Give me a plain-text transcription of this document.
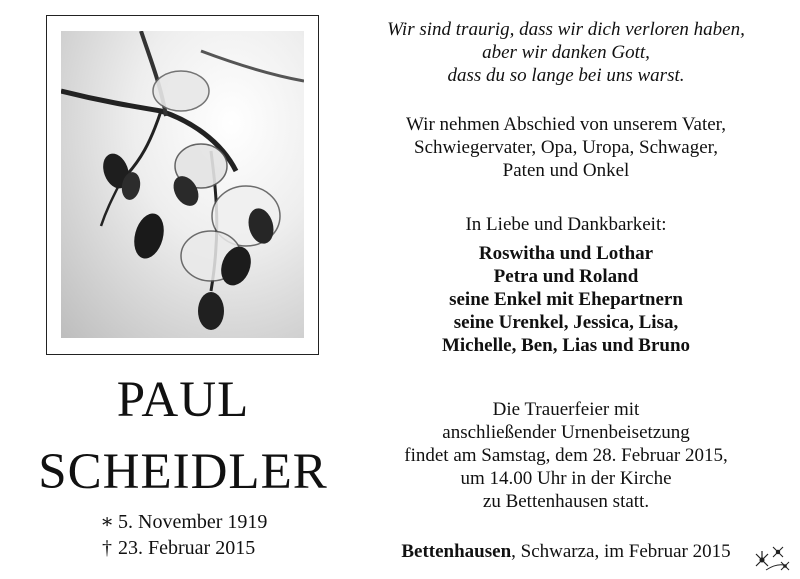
PAUL
SCHEIDLER
∗ 5. November 1919
† 23. Februar 2015
Wir sind traurig, dass wir dich verloren haben,
aber wir danken Gott,
dass du so lange bei uns warst.
Wir nehmen Abschied von unserem Vater,
Schwiegervater, Opa, Uropa, Schwager,
Paten und Onkel
In Liebe und Dankbarkeit:
Roswitha und Lothar
Petra und Roland
seine Enkel mit Ehepartnern
seine Urenkel, Jessica, Lisa,
Michelle, Ben, Lias und Bruno
Die Trauerfeier mit
anschließender Urnenbeisetzung
findet am Samstag, dem 28. Februar 2015,
um 14.00 Uhr in der Kirche
zu Bettenhausen statt.
Bettenhausen, Schwarza, im Februar 2015
